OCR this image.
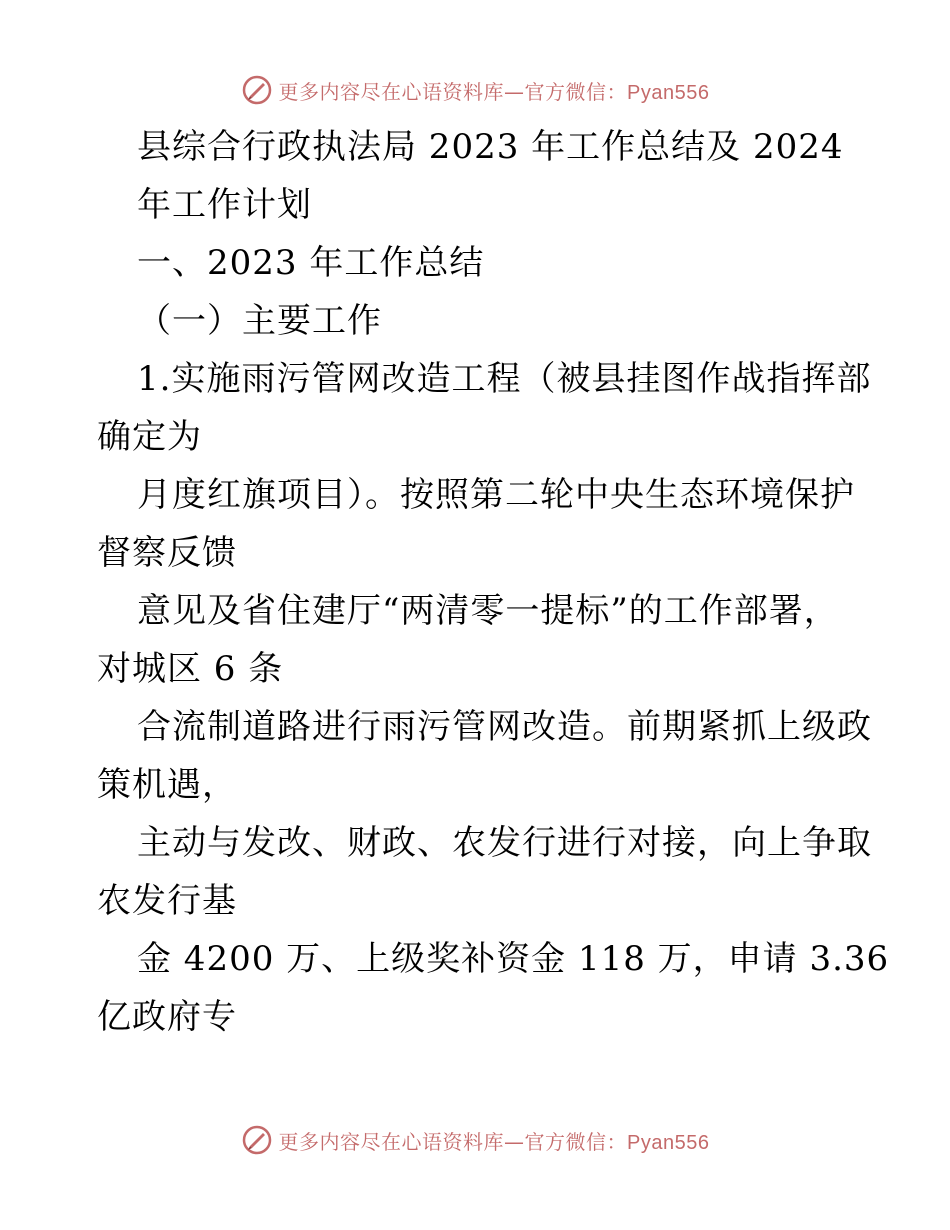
更多内容尽在心语资料库—官方微信：Pyan556
县综合行政执法局 2023 年工作总结及 2024
年工作计划
一、2023 年工作总结
（一）主要工作
1.实施雨污管网改造工程（被县挂图作战指挥部
确定为
月度红旗项目）。按照第二轮中央生态环境保护
督察反馈
意见及省住建厅“两清零一提标”的工作部署，
对城区 6 条
合流制道路进行雨污管网改造。前期紧抓上级政
策机遇，
主动与发改、财政、农发行进行对接，向上争取
农发行基
金 4200 万、上级奖补资金 118 万，申请 3.36
亿政府专
更多内容尽在心语资料库—官方微信：Pyan556
